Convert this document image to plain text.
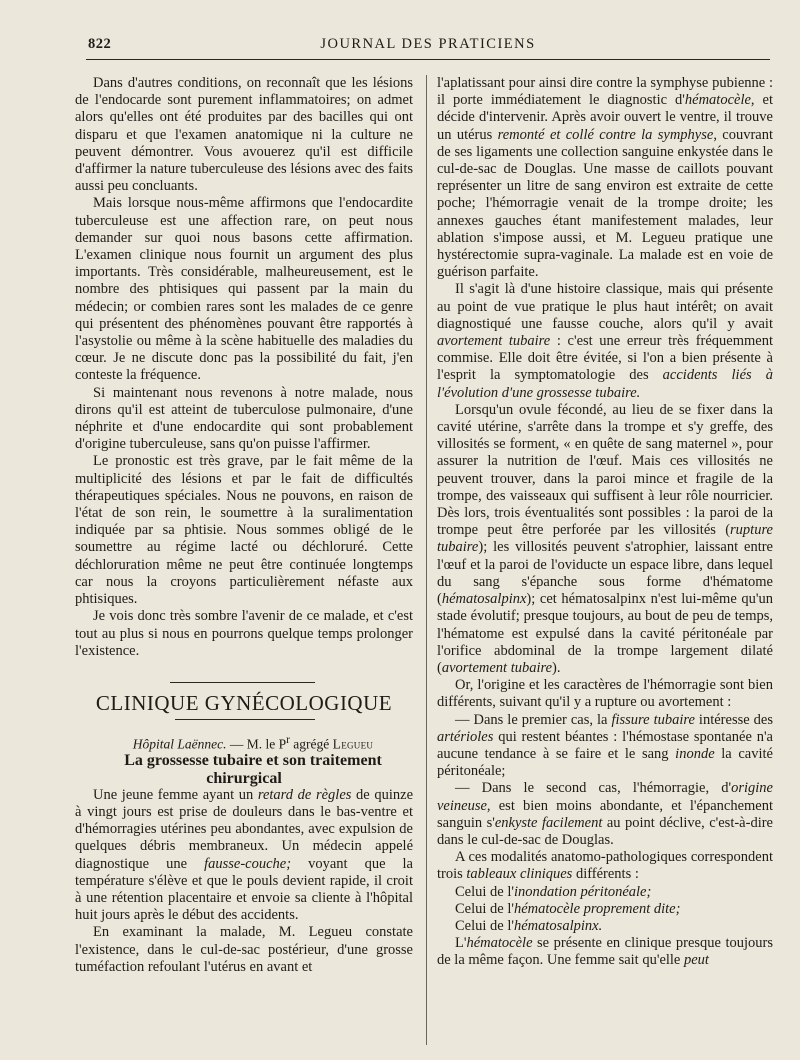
822	JOURNAL DES PRATICIENS

Dans d'autres conditions, on reconnaît que les lésions de l'endocarde sont purement inflammatoires; on admet alors qu'elles ont été produites par des bacilles qui ont disparu et que l'examen anatomique ni la culture ne peuvent démontrer. Vous avouerez qu'il est difficile d'affirmer la nature tuberculeuse des lésions avec des faits aussi peu concluants.

Mais lorsque nous-même affirmons que l'endocardite tuberculeuse est une affection rare, on peut nous demander sur quoi nous basons cette affirmation. L'examen clinique nous fournit un argument des plus importants. Très considérable, malheureusement, est le nombre des phtisiques qui passent par la main du médecin; or combien rares sont les malades de ce genre qui présentent des phénomènes pouvant être rapportés à l'asystolie ou même à la scène habituelle des maladies du cœur. Je ne discute donc pas la possibilité du fait, j'en conteste la fréquence.

Si maintenant nous revenons à notre malade, nous dirons qu'il est atteint de tuberculose pulmonaire, d'une néphrite et d'une endocardite qui sont probablement d'origine tuberculeuse, sans qu'on puisse l'affirmer.

Le pronostic est très grave, par le fait même de la multiplicité des lésions et par le fait de difficultés thérapeutiques spéciales. Nous ne pouvons, en raison de l'état de son rein, le soumettre à la suralimentation indiquée par sa phtisie. Nous sommes obligé de le soumettre au régime lacté ou déchloruré. Cette déchloruration même ne peut être continuée longtemps car nous la croyons particulièrement néfaste aux phtisiques.

Je vois donc très sombre l'avenir de ce malade, et c'est tout au plus si nous en pourrons quelque temps prolonger l'existence.

CLINIQUE GYNÉCOLOGIQUE

Hôpital Laënnec. — M. le $P^r$ agrégé Legueu

La grossesse tubaire et son traitement chirurgical

Une jeune femme ayant un retard de règles de quinze à vingt jours est prise de douleurs dans le bas-ventre et d'hémorragies utérines peu abondantes, avec expulsion de quelques débris membraneux. Un médecin appelé diagnostique une fausse-couche; voyant que la température s'élève et que le pouls devient rapide, il croit à une rétention placentaire et envoie sa cliente à l'hôpital huit jours après le début des accidents.

En examinant la malade, M. Legueu constate l'existence, dans le cul-de-sac postérieur, d'une grosse tuméfaction refoulant l'utérus en avant et

l'aplatissant pour ainsi dire contre la symphyse pubienne : il porte immédiatement le diagnostic d'hématocèle, et décide d'intervenir. Après avoir ouvert le ventre, il trouve un utérus remonté et collé contre la symphyse, couvrant de ses ligaments une collection sanguine enkystée dans le cul-de-sac de Douglas. Une masse de caillots pouvant représenter un litre de sang environ est extraite de cette poche; l'hémorragie venait de la trompe droite; les annexes gauches étant manifestement malades, leur ablation s'impose aussi, et M. Legueu pratique une hystérectomie supra-vaginale. La malade est en voie de guérison parfaite.

Il s'agit là d'une histoire classique, mais qui présente au point de vue pratique le plus haut intérêt; on avait diagnostiqué une fausse couche, alors qu'il y avait avortement tubaire : c'est une erreur très fréquemment commise. Elle doit être évitée, si l'on a bien présente à l'esprit la symptomatologie des accidents liés à l'évolution d'une grossesse tubaire.

Lorsqu'un ovule fécondé, au lieu de se fixer dans la cavité utérine, s'arrête dans la trompe et s'y greffe, des villosités se forment, « en quête de sang maternel », pour assurer la nutrition de l'œuf. Mais ces villosités ne peuvent trouver, dans la paroi mince et fragile de la trompe, des vaisseaux qui suffisent à leur rôle nourricier. Dès lors, trois éventualités sont possibles : la paroi de la trompe peut être perforée par les villosités (rupture tubaire); les villosités peuvent s'atrophier, laissant entre l'œuf et la paroi de l'oviducte un espace libre, dans lequel du sang s'épanche sous forme d'hématome (hématosalpinx); cet hématosalpinx n'est lui-même qu'un stade évolutif; presque toujours, au bout de peu de temps, l'hématome est expulsé dans la cavité péritonéale par l'orifice abdominal de la trompe largement dilaté (avortement tubaire).

Or, l'origine et les caractères de l'hémorragie sont bien différents, suivant qu'il y a rupture ou avortement :

— Dans le premier cas, la fissure tubaire intéresse des artérioles qui restent béantes : l'hémostase spontanée n'a aucune tendance à se faire et le sang inonde la cavité péritonéale;

— Dans le second cas, l'hémorragie, d'origine veineuse, est bien moins abondante, et l'épanchement sanguin s'enkyste facilement au point déclive, c'est-à-dire dans le cul-de-sac de Douglas.

A ces modalités anatomo-pathologiques correspondent trois tableaux cliniques différents :

Celui de l'inondation péritonéale;

Celui de l'hématocèle proprement dite;

Celui de l'hématosalpinx.

L'hématocèle se présente en clinique presque toujours de la même façon. Une femme sait qu'elle peut
